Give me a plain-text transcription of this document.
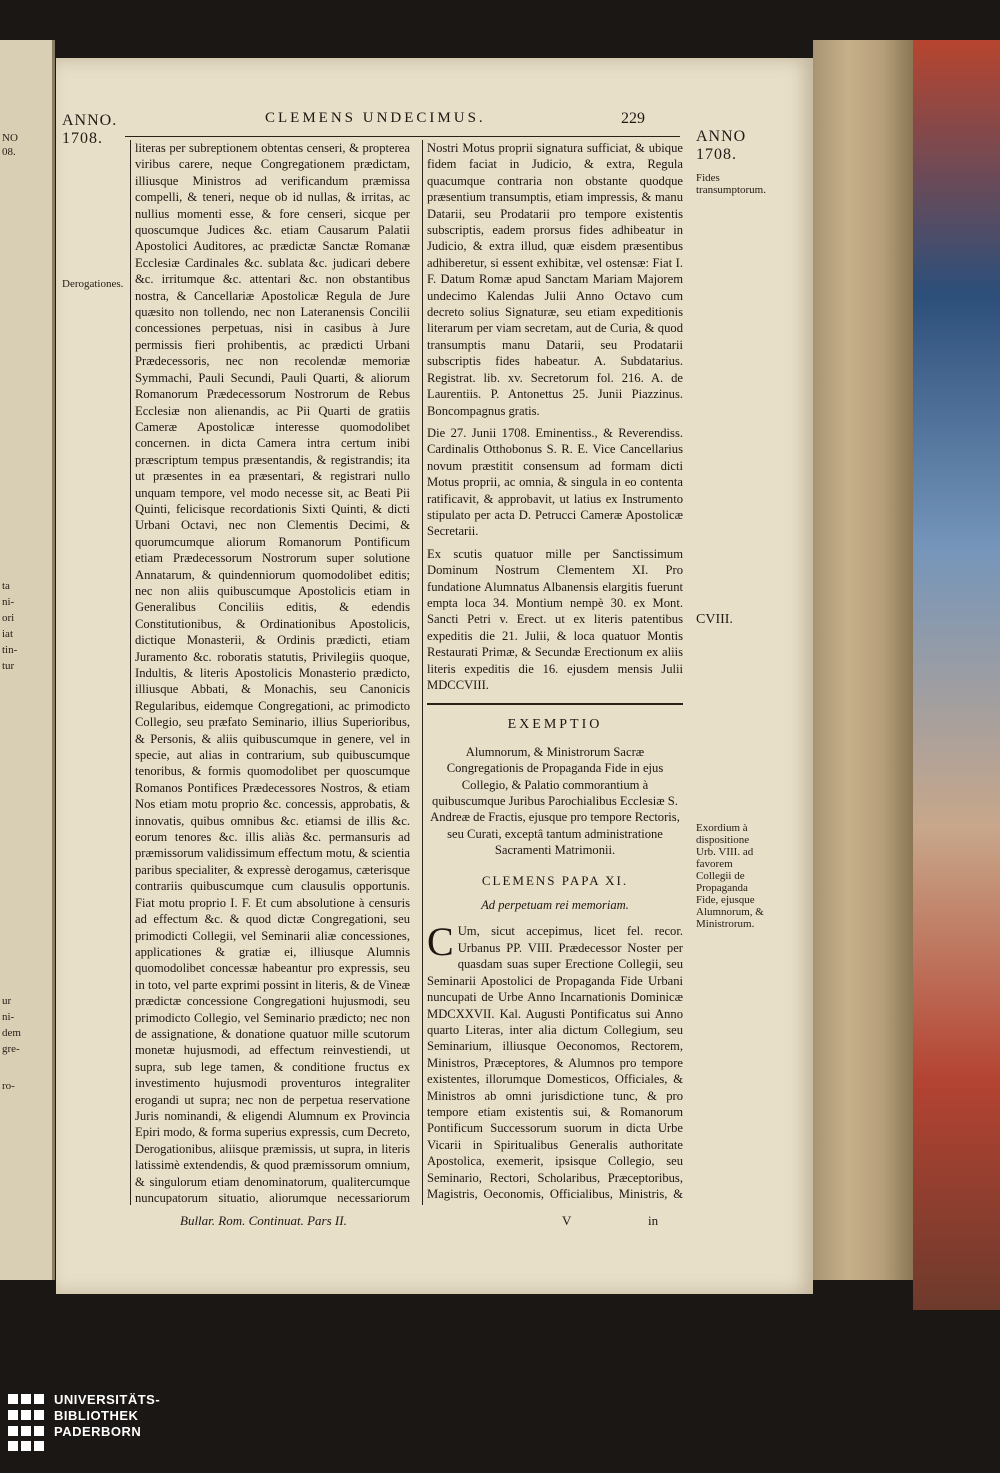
NO
08.
ta
ni-
ori
iat
tin-
tur
ur
ni-
dem
gre-
ro-
CLEMENS UNDECIMUS.	229
ANNO.
1708.
Derogationes.
ANNO
1708.
Fides transumptorum.
CVIII.
Exordium à dispositione Urb. VIII. ad favorem Collegii de Propaganda Fide, ejusque Alumnorum, & Ministrorum.

literas per subreptionem obtentas censeri, & propterea viribus carere, neque Congregationem prædictam, illiusque Ministros ad verificandum præmissa compelli, & teneri, neque ob id nullas, & irritas, ac nullius momenti esse, & fore censeri, sicque per quoscumque Judices &c. etiam Causarum Palatii Apostolici Auditores, ac prædictæ Sanctæ Romanæ Ecclesiæ Cardinales &c. sublata &c. judicari debere &c. irritumque &c. attentari &c. non obstantibus nostra, & Cancellariæ Apostolicæ Regula de Jure quæsito non tollendo, nec non Lateranensis Concilii concessiones perpetuas, nisi in casibus à Jure permissis fieri prohibentis, ac prædicti Urbani Prædecessoris, nec non recolendæ memoriæ Symmachi, Pauli Secundi, Pauli Quarti, & aliorum Romanorum Prædecessorum Nostrorum de Rebus Ecclesiæ non alienandis, ac Pii Quarti de gratiis Cameræ Apostolicæ interesse quomodolibet concernen. in dicta Camera intra certum inibi præscriptum tempus præsentandis, & registrandis; ita ut præsentes in ea præsentari, & registrari nullo unquam tempore, vel modo necesse sit, ac Beati Pii Quinti, felicisque recordationis Sixti Quinti, & dicti Urbani Octavi, nec non Clementis Decimi, & quorumcumque aliorum Romanorum Pontificum etiam Prædecessorum Nostrorum super solutione Annatarum, & quindenniorum quomodolibet editis; nec non aliis quibuscumque Apostolicis etiam in Generalibus Conciliis editis, & edendis Constitutionibus, & Ordinationibus Apostolicis, dictique Monasterii, & Ordinis prædicti, etiam Juramento &c. roboratis statutis, Privilegiis quoque, Indultis, & literis Apostolicis Monasterio prædicto, illiusque Abbati, & Monachis, seu Canonicis Regularibus, eidemque Congregationi, ac primodicto Collegio, seu præfato Seminario, illius Superioribus, & Personis, & aliis quibuscumque in genere, vel in specie, aut alias in contrarium, sub quibuscumque tenoribus, & formis quomodolibet per quoscumque Romanos Pontifices Prædecessores Nostros, & etiam Nos etiam motu proprio &c. concessis, approbatis, & innovatis, quibus omnibus &c. etiamsi de illis &c. eorum tenores &c. illis aliàs &c. permansuris ad præmissorum validissimum effectum motu, & scientia paribus specialiter, & expressè derogamus, cæterisque contrariis quibuscumque cum clausulis opportunis. Fiat motu proprio I. F. Et cum absolutione à censuris ad effectum &c. & quod dictæ Congregationi, seu primodicti Collegii, vel Seminarii aliæ concessiones, applicationes & gratiæ ei, illiusque Alumnis quomodolibet concessæ habeantur pro expressis, seu in toto, vel parte exprimi possint in literis, & de Vineæ prædictæ concessione Congregationi hujusmodi, seu primodicto Collegio, vel Seminario prædicto; nec non de assignatione, & donatione quatuor mille scutorum monetæ hujusmodi, ad effectum reinvestiendi, ut supra, sub lege tamen, & conditione fructus ex investimento hujusmodi proventuros integraliter erogandi ut supra; nec non de perpetua reservatione Juris nominandi, & eligendi Alumnum ex Provincia Epiri modo, & forma superius expressis, cum Decreto, Derogationibus, aliisque præmissis, ut supra, in literis latissimè extendendis, & quod præmissorum omnium, & singulorum etiam denominatorum, qualitercumque nuncupatorum situatio, aliorumque necessariorum

Nostri Motus proprii signatura sufficiat, & ubique fidem faciat in Judicio, & extra, Regula quacumque contraria non obstante quodque præsentium transumptis, etiam impressis, & manu Datarii, seu Prodatarii pro tempore existentis subscriptis, eadem prorsus fides adhibeatur in Judicio, & extra illud, quæ eisdem præsentibus adhiberetur, si essent exhibitæ, vel ostensæ: Fiat I. F. Datum Romæ apud Sanctam Mariam Majorem undecimo Kalendas Julii Anno Octavo cum decreto solius Signaturæ, seu etiam expeditionis literarum per viam secretam, aut de Curia, & quod transumptis manu Datarii, seu Prodatarii subscriptis fides habeatur. A. Subdatarius. Registrat. lib. xv. Secretorum fol. 216. A. de Laurentiis. P. Antonettus 25. Junii Piazzinus. Boncompagnus gratis.

Die 27. Junii 1708. Eminentiss., & Reverendiss. Cardinalis Otthobonus S. R. E. Vice Cancellarius novum præstitit consensum ad formam dicti Motus proprii, ac omnia, & singula in eo contenta ratificavit, & approbavit, ut latius ex Instrumento stipulato per acta D. Petrucci Cameræ Apostolicæ Secretarii.

Ex scutis quatuor mille per Sanctissimum Dominum Nostrum Clementem XI. Pro fundatione Alumnatus Albanensis elargitis fuerunt empta loca 34. Montium nempè 30. ex Mont. Sancti Petri v. Erect. ut ex literis patentibus expeditis die 21. Julii, & loca quatuor Montis Restaurati Primæ, & Secundæ Erectionum ex aliis literis expeditis die 16. ejusdem mensis Julii MDCCVIII.

EXEMPTIO

Alumnorum, & Ministrorum Sacræ Congregationis de Propaganda Fide in ejus Collegio, & Palatio commorantium à quibuscumque Juribus Parochialibus Ecclesiæ S. Andreæ de Fractis, ejusque pro tempore Rectoris, seu Curati, exceptâ tantum administratione Sacramenti Matrimonii.

CLEMENS PAPA XI.
Ad perpetuam rei memoriam.

C Um, sicut accepimus, licet fel. recor. Urbanus PP. VIII. Prædecessor Noster per quasdam suas super Erectione Collegii, seu Seminarii Apostolici de Propaganda Fide Urbani nuncupati de Urbe Anno Incarnationis Dominicæ MDCXXVII. Kal. Augusti Pontificatus sui Anno quarto Literas, inter alia dictum Collegium, seu Seminarium, illiusque Oeconomos, Rectorem, Ministros, Præceptores, & Alumnos pro tempore existentes, illorumque Domesticos, Officiales, & Ministros ab omni jurisdictione tunc, & pro tempore etiam existentis sui, & Romanorum Pontificum Successorum suorum in dicta Urbe Vicarii in Spiritualibus Generalis authoritate Apostolica, exemerit, ipsisque Collegio, seu Seminario, Rectori, Scholaribus, Præceptoribus, Magistris, Oeconomis, Officialibus, Ministris, &

Bullar. Rom. Continuat. Pars II.	V	in
UNIVERSITÄTS-
BIBLIOTHEK
PADERBORN
